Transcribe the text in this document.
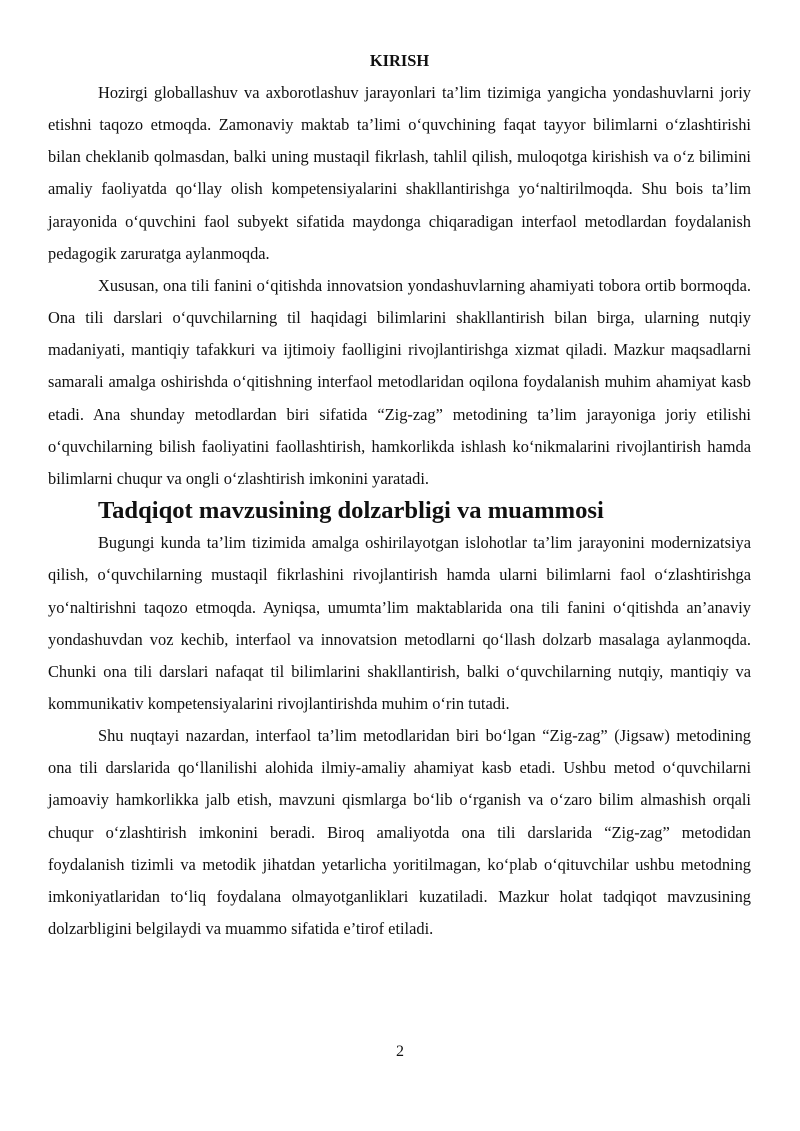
KIRISH

Hozirgi globallashuv va axborotlashuv jarayonlari ta’lim tizimiga yangicha yondashuvlarni joriy etishni taqozo etmoqda. Zamonaviy maktab ta’limi o‘quvchining faqat tayyor bilimlarni o‘zlashtirishi bilan cheklanib qolmasdan, balki uning mustaqil fikrlash, tahlil qilish, muloqotga kirishish va o‘z bilimini amaliy faoliyatda qo‘llay olish kompetensiyalarini shakllantirishga yo‘naltirilmoqda. Shu bois ta’lim jarayonida o‘quvchini faol subyekt sifatida maydonga chiqaradigan interfaol metodlardan foydalanish pedagogik zaruratga aylanmoqda.

Xususan, ona tili fanini o‘qitishda innovatsion yondashuvlarning ahamiyati tobora ortib bormoqda. Ona tili darslari o‘quvchilarning til haqidagi bilimlarini shakllantirish bilan birga, ularning nutqiy madaniyati, mantiqiy tafakkuri va ijtimoiy faolligini rivojlantirishga xizmat qiladi. Mazkur maqsadlarni samarali amalga oshirishda o‘qitishning interfaol metodlaridan oqilona foydalanish muhim ahamiyat kasb etadi. Ana shunday metodlardan biri sifatida “Zig-zag” metodining ta’lim jarayoniga joriy etilishi o‘quvchilarning bilish faoliyatini faollashtirish, hamkorlikda ishlash ko‘nikmalarini rivojlantirish hamda bilimlarni chuqur va ongli o‘zlashtirish imkonini yaratadi.

Tadqiqot mavzusining dolzarbligi va muammosi

Bugungi kunda ta’lim tizimida amalga oshirilayotgan islohotlar ta’lim jarayonini modernizatsiya qilish, o‘quvchilarning mustaqil fikrlashini rivojlantirish hamda ularni bilimlarni faol o‘zlashtirishga yo‘naltirishni taqozo etmoqda. Ayniqsa, umumta’lim maktablarida ona tili fanini o‘qitishda an’anaviy yondashuvdan voz kechib, interfaol va innovatsion metodlarni qo‘llash dolzarb masalaga aylanmoqda. Chunki ona tili darslari nafaqat til bilimlarini shakllantirish, balki o‘quvchilarning nutqiy, mantiqiy va kommunikativ kompetensiyalarini rivojlantirishda muhim o‘rin tutadi.

Shu nuqtayi nazardan, interfaol ta’lim metodlaridan biri bo‘lgan “Zig-zag” (Jigsaw) metodining ona tili darslarida qo‘llanilishi alohida ilmiy-amaliy ahamiyat kasb etadi. Ushbu metod o‘quvchilarni jamoaviy hamkorlikka jalb etish, mavzuni qismlarga bo‘lib o‘rganish va o‘zaro bilim almashish orqali chuqur o‘zlashtirish imkonini beradi. Biroq amaliyotda ona tili darslarida “Zig-zag” metodidan foydalanish tizimli va metodik jihatdan yetarlicha yoritilmagan, ko‘plab o‘qituvchilar ushbu metodning imkoniyatlaridan to‘liq foydalana olmayotganliklari kuzatiladi. Mazkur holat tadqiqot mavzusining dolzarbligini belgilaydi va muammo sifatida e’tirof etiladi.

2
